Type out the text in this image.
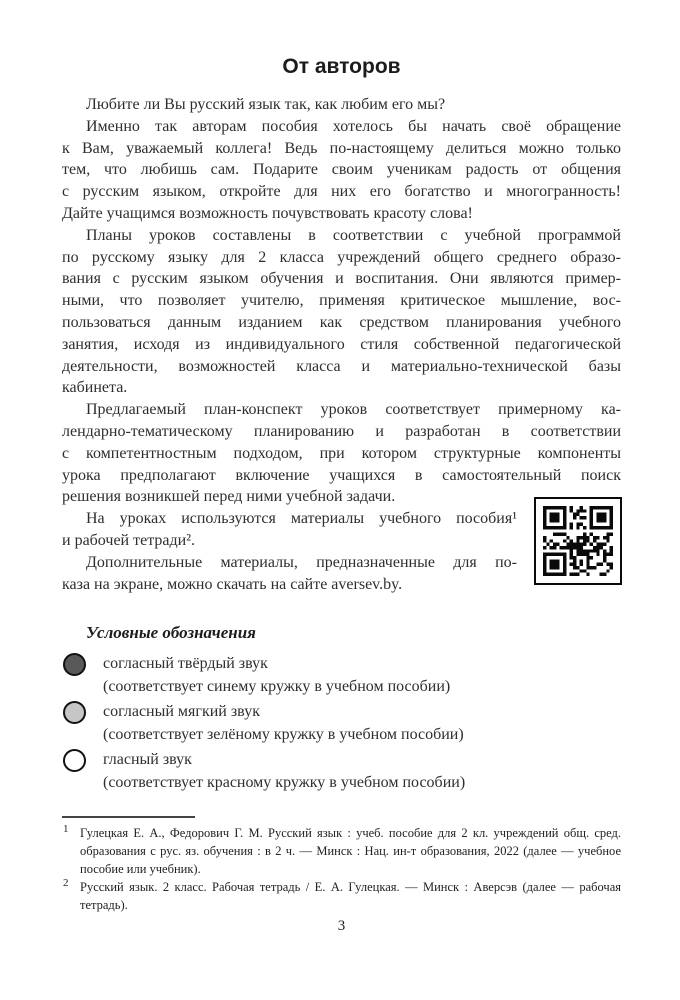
От авторов
Любите ли Вы русский язык так, как любим его мы?
Именно так авторам пособия хотелось бы начать своё обращение
к Вам, уважаемый коллега! Ведь по-настоящему делиться можно только
тем, что любишь сам. Подарите своим ученикам радость от общения
с русским языком, откройте для них его богатство и многогранность!
Дайте учащимся возможность почувствовать красоту слова!
Планы уроков составлены в соответствии с учебной программой
по русскому языку для 2 класса учреждений общего среднего образо-
вания с русским языком обучения и воспитания. Они являются пример-
ными, что позволяет учителю, применяя критическое мышление, вос-
пользоваться данным изданием как средством планирования учебного
занятия, исходя из индивидуального стиля собственной педагогической
деятельности, возможностей класса и материально-технической базы
кабинета.
Предлагаемый план-конспект уроков соответствует примерному ка-
лендарно-тематическому планированию и разработан в соответствии
с компетентностным подходом, при котором структурные компоненты
урока предполагают включение учащихся в самостоятельный поиск
решения возникшей перед ними учебной задачи.
На уроках используются материалы учебного пособия¹
и рабочей тетради².
Дополнительные материалы, предназначенные для по-
каза на экране, можно скачать на сайте aversev.by.
Условные обозначения
согласный твёрдый звук
(соответствует синему кружку в учебном пособии)
согласный мягкий звук
(соответствует зелёному кружку в учебном пособии)
гласный звук
(соответствует красному кружку в учебном пособии)
1 Гулецкая Е. А., Федорович Г. М. Русский язык : учеб. пособие для 2 кл. учреждений общ. сред. образования с рус. яз. обучения : в 2 ч. — Минск : Нац. ин-т образования, 2022 (далее — учебное пособие или учебник).
2 Русский язык. 2 класс. Рабочая тетрадь / Е. А. Гулецкая. — Минск : Аверсэв (далее — рабочая тетрадь).
3
